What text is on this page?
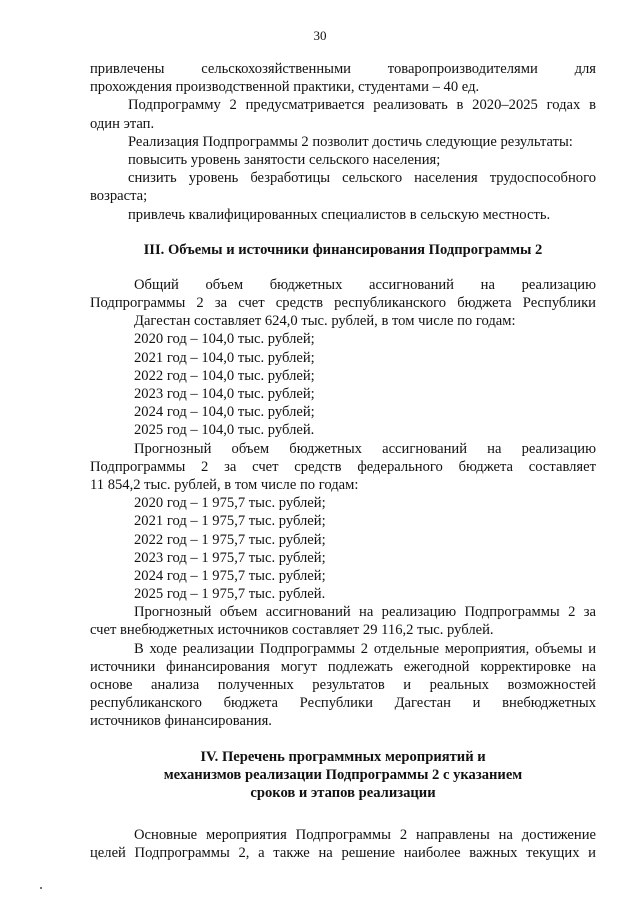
30
привлечены сельскохозяйственными товаропроизводителями для
прохождения производственной практики, студентами – 40 ед.
Подпрограмму 2 предусматривается реализовать в 2020–2025 годах в
один этап.
Реализация Подпрограммы 2 позволит достичь следующие результаты:
повысить уровень занятости сельского населения;
снизить уровень безработицы сельского населения трудоспособного
возраста;
привлечь квалифицированных специалистов в сельскую местность.
III. Объемы и источники финансирования Подпрограммы 2
Общий объем бюджетных ассигнований на реализацию
Подпрограммы 2 за счет средств республиканского бюджета Республики
Дагестан составляет 624,0 тыс. рублей, в том числе по годам:
2020 год – 104,0 тыс. рублей;
2021 год – 104,0 тыс. рублей;
2022 год – 104,0 тыс. рублей;
2023 год – 104,0 тыс. рублей;
2024 год – 104,0 тыс. рублей;
2025 год – 104,0 тыс. рублей.
Прогнозный объем бюджетных ассигнований на реализацию
Подпрограммы 2 за счет средств федерального бюджета составляет
11 854,2 тыс. рублей, в том числе по годам:
2020 год – 1 975,7 тыс. рублей;
2021 год – 1 975,7 тыс. рублей;
2022 год – 1 975,7 тыс. рублей;
2023 год – 1 975,7 тыс. рублей;
2024 год – 1 975,7 тыс. рублей;
2025 год – 1 975,7 тыс. рублей.
Прогнозный объем ассигнований на реализацию Подпрограммы 2 за
счет внебюджетных источников составляет 29 116,2 тыс. рублей.
В ходе реализации Подпрограммы 2 отдельные мероприятия, объемы и
источники финансирования могут подлежать ежегодной корректировке на
основе анализа полученных результатов и реальных возможностей
республиканского бюджета Республики Дагестан и внебюджетных
источников финансирования.
IV. Перечень программных мероприятий и
механизмов реализации Подпрограммы 2 с указанием
сроков и этапов реализации
Основные мероприятия Подпрограммы 2 направлены на достижение
целей Подпрограммы 2, а также на решение наиболее важных текущих и
